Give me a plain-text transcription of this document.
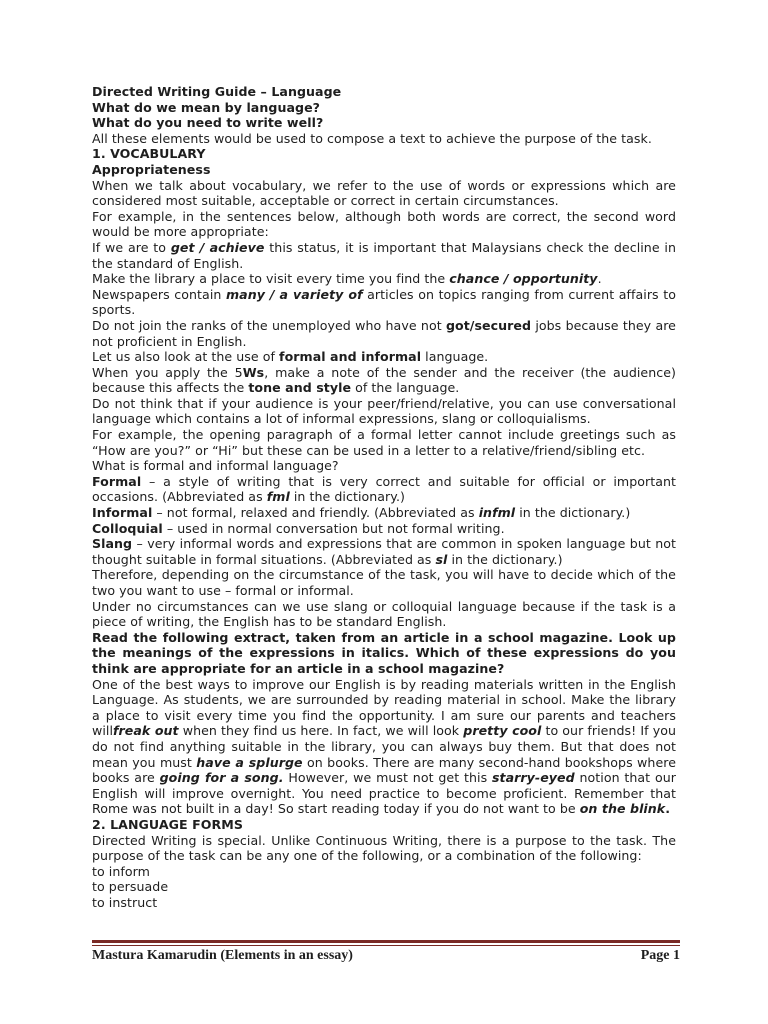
Directed Writing Guide – Language

What do we mean by language?

What do you need to write well?

All these elements would be used to compose a text to achieve the purpose of the task.

1. VOCABULARY

Appropriateness

When we talk about vocabulary, we refer to the use of words or expressions which are considered most suitable, acceptable or correct in certain circumstances.

For example, in the sentences below, although both words are correct, the second word would be more appropriate:

If we are to get / achieve this status, it is important that Malaysians check the decline in the standard of English.

Make the library a place to visit every time you find the chance / opportunity.

Newspapers contain many / a variety of articles on topics ranging from current affairs to sports.

Do not join the ranks of the unemployed who have not got/secured jobs because they are not proficient in English.

Let us also look at the use of formal and informal language.

When you apply the 5Ws, make a note of the sender and the receiver (the audience) because this affects the tone and style of the language.

Do not think that if your audience is your peer/friend/relative, you can use conversational language which contains a lot of informal expressions, slang or colloquialisms.

For example, the opening paragraph of a formal letter cannot include greetings such as “How are you?” or “Hi” but these can be used in a letter to a relative/friend/sibling etc.

What is formal and informal language?

Formal – a style of writing that is very correct and suitable for official or important occasions. (Abbreviated as fml in the dictionary.)

Informal – not formal, relaxed and friendly. (Abbreviated as infml in the dictionary.)

Colloquial – used in normal conversation but not formal writing.

Slang – very informal words and expressions that are common in spoken language but not thought suitable in formal situations. (Abbreviated as sl in the dictionary.)

Therefore, depending on the circumstance of the task, you will have to decide which of the two you want to use – formal or informal.

Under no circumstances can we use slang or colloquial language because if the task is a piece of writing, the English has to be standard English.

Read the following extract, taken from an article in a school magazine. Look up the meanings of the expressions in italics. Which of these expressions do you think are appropriate for an article in a school magazine?

One of the best ways to improve our English is by reading materials written in the English Language. As students, we are surrounded by reading material in school. Make the library a place to visit every time you find the opportunity. I am sure our parents and teachers willfreak out when they find us here. In fact, we will look pretty cool to our friends! If you do not find anything suitable in the library, you can always buy them. But that does not mean you must have a splurge on books. There are many second-hand bookshops where books are going for a song. However, we must not get this starry-eyed notion that our English will improve overnight. You need practice to become proficient. Remember that Rome was not built in a day! So start reading today if you do not want to be on the blink.

2. LANGUAGE FORMS

Directed Writing is special. Unlike Continuous Writing, there is a purpose to the task. The purpose of the task can be any one of the following, or a combination of the following:

to inform

to persuade

to instruct

Mastura Kamarudin (Elements in an essay)	Page 1
